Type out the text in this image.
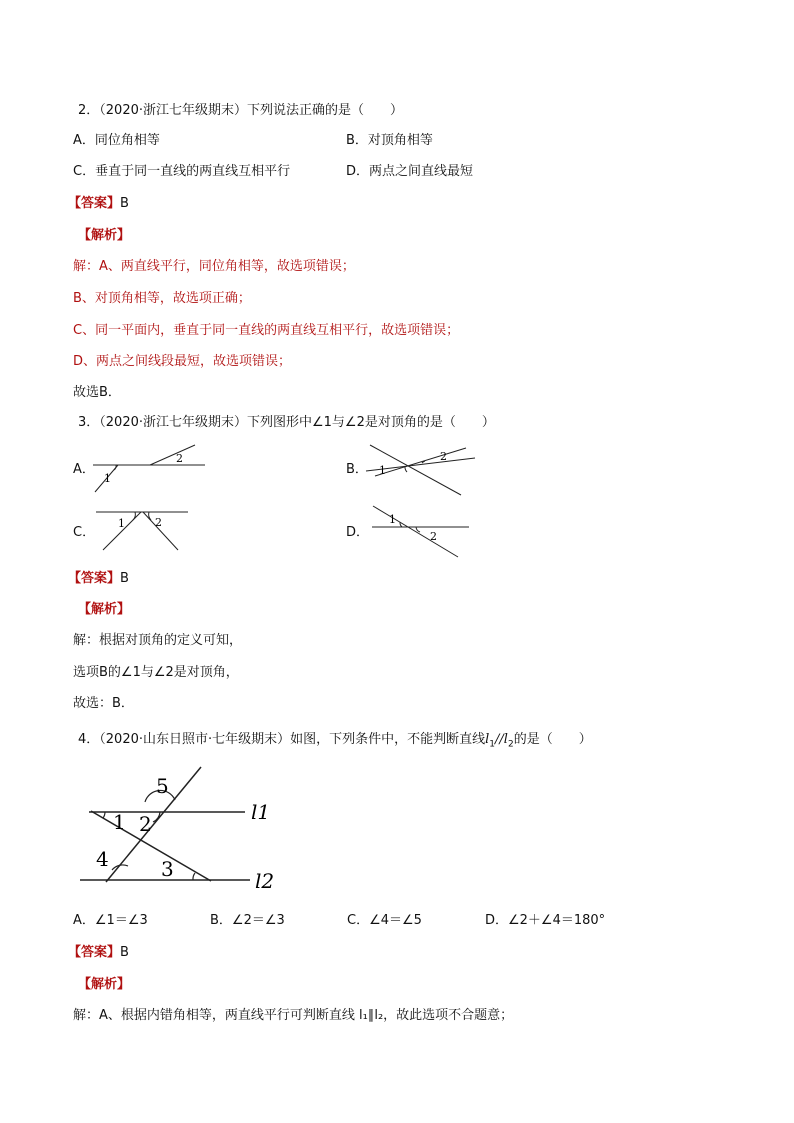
2．（2020·浙江七年级期末）下列说法正确的是（　　）
A．同位角相等	B．对顶角相等
C．垂直于同一直线的两直线互相平行	D．两点之间直线最短
【答案】B
【解析】
解：A、两直线平行，同位角相等，故选项错误；
B、对顶角相等，故选项正确；
C、同一平面内，垂直于同一直线的两直线互相平行，故选项错误；
D、两点之间线段最短，故选项错误；
故选B．
3．（2020·浙江七年级期末）下列图形中∠1与∠2是对顶角的是（　　）
A．
1
2
B． 1
2
C．
1	2
D．
1
2
【答案】B
【解析】
解：根据对顶角的定义可知，
选项B的∠1与∠2是对顶角，
故选：B．
4．（2020·山东日照市·七年级期末）如图，下列条件中，不能判断直线$l_1//l_2$的是（　　）
5
1 2
4	3
l1
l2
A．∠1＝∠3	B．∠2＝∠3	C．∠4＝∠5	D．∠2＋∠4＝180°
【答案】B
【解析】
解：A、根据内错角相等，两直线平行可判断直线 l₁∥l₂，故此选项不合题意；
